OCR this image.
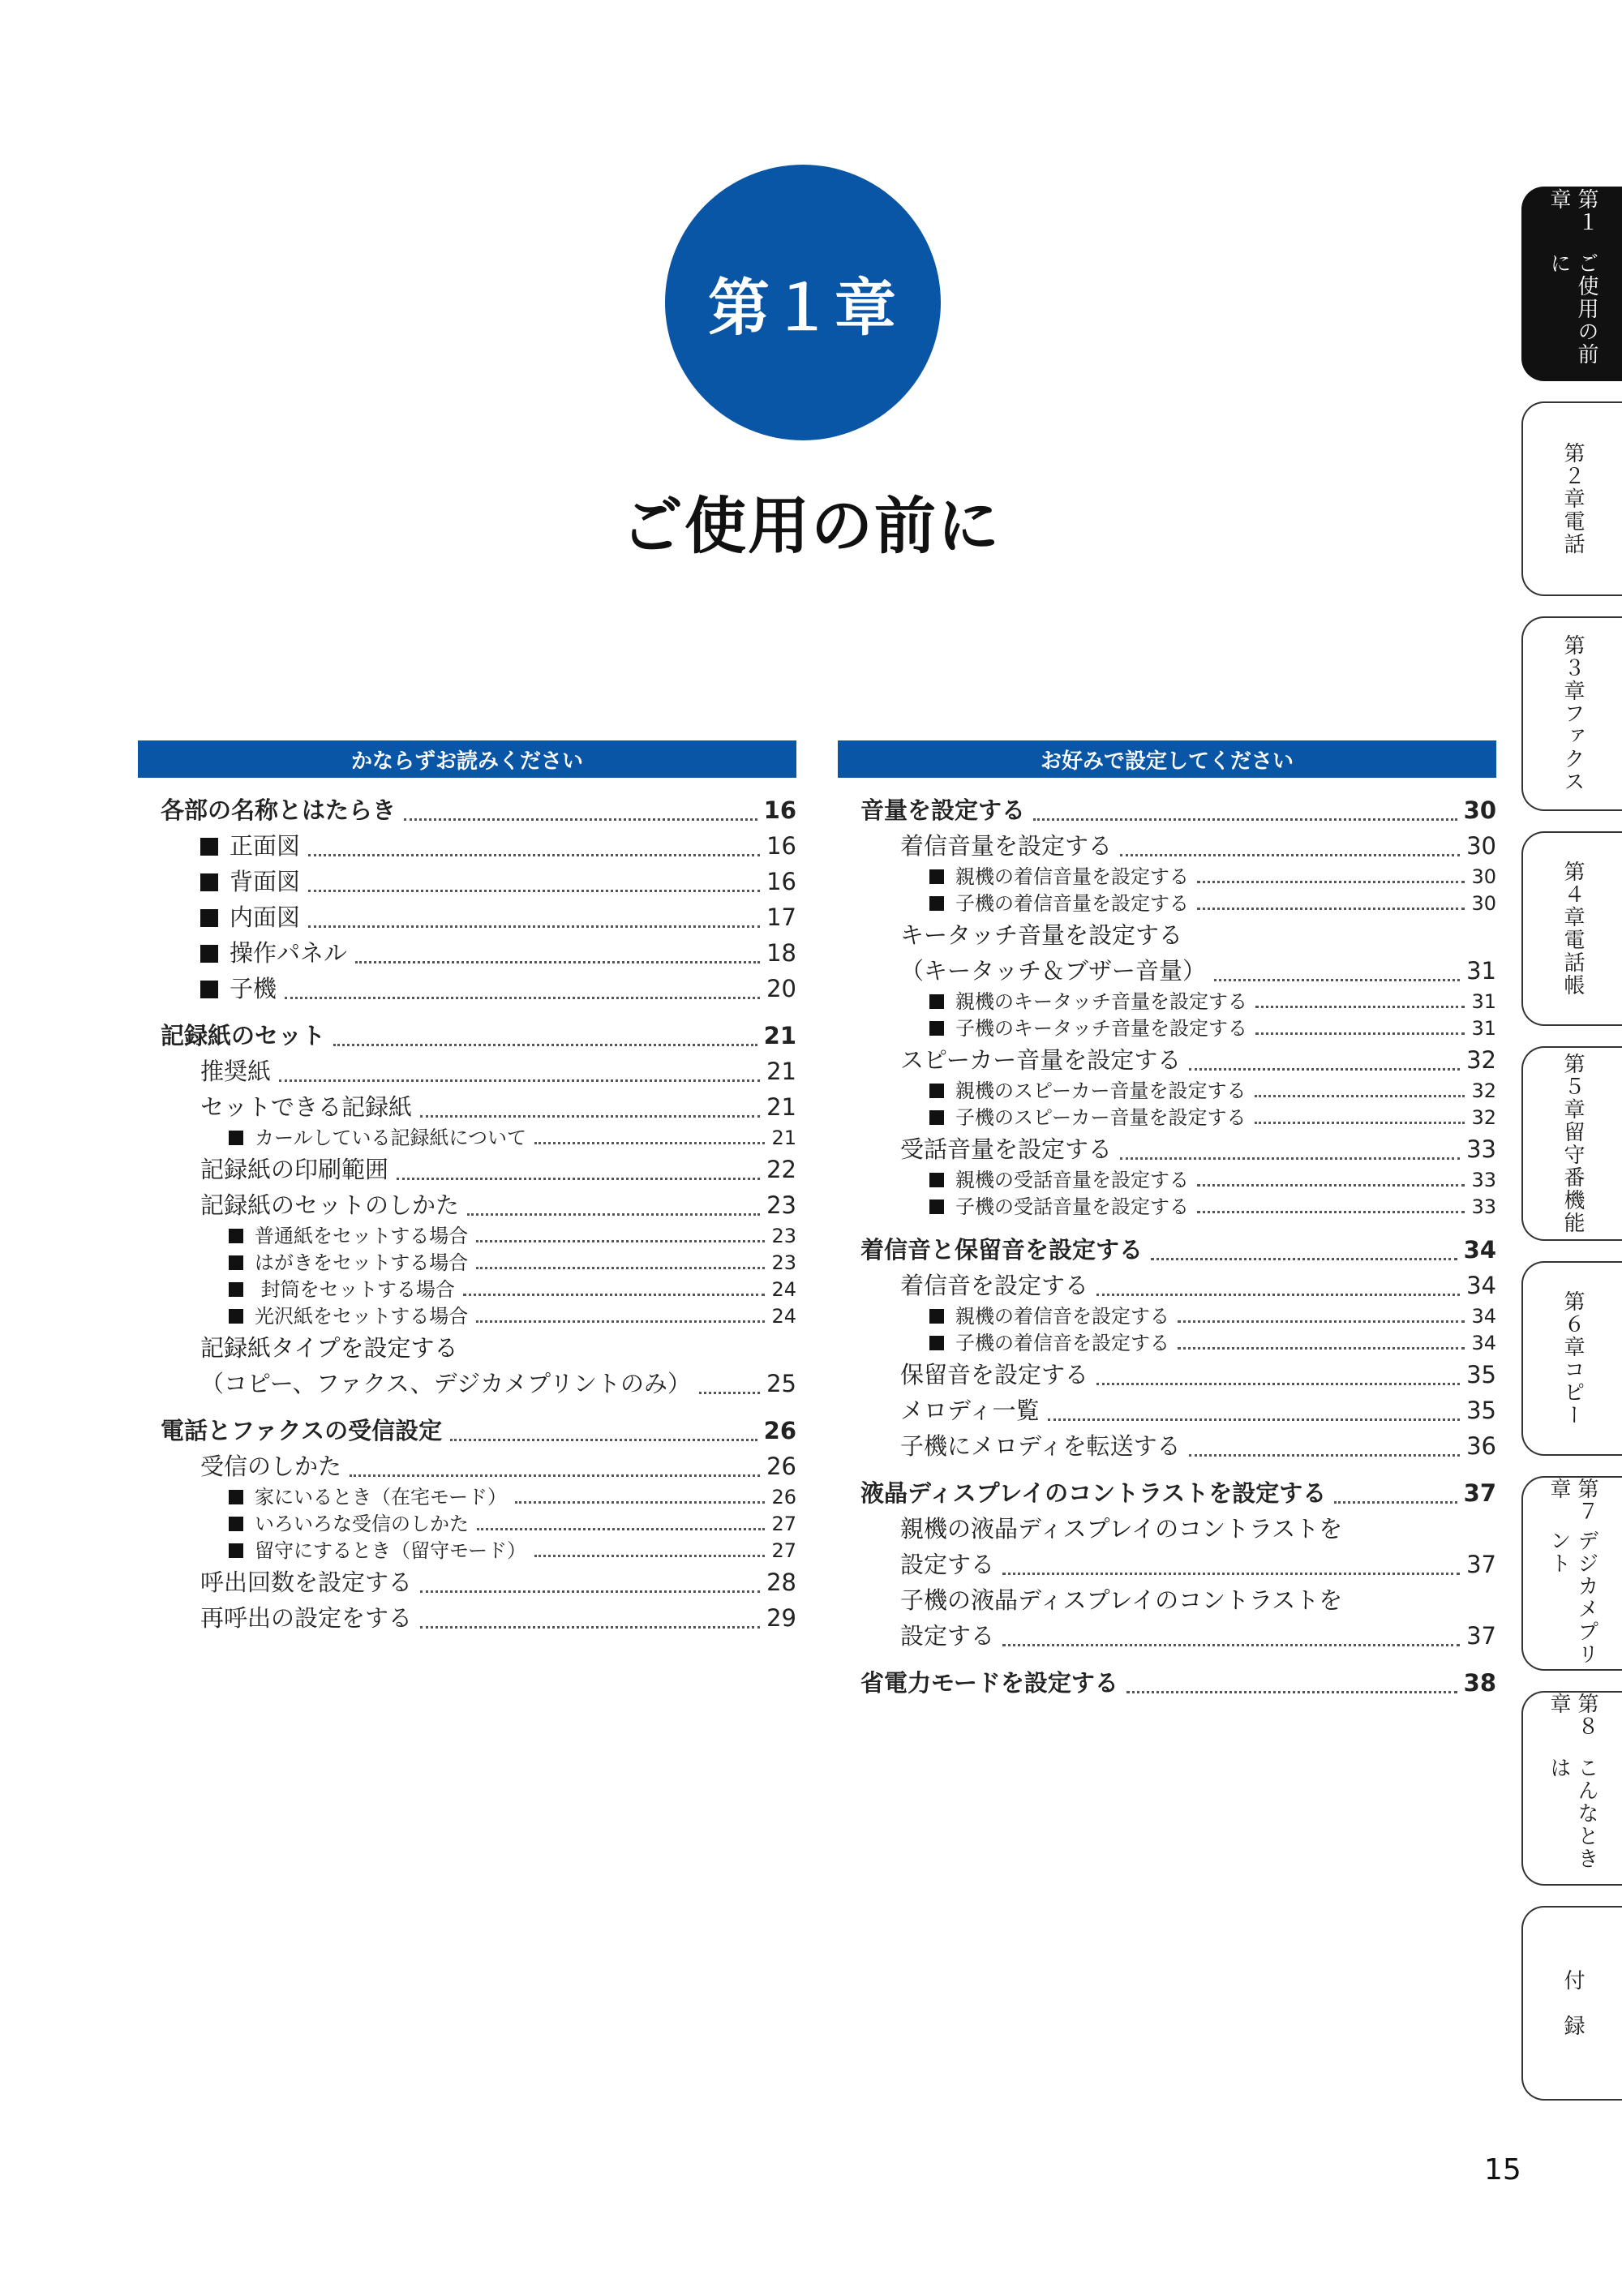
第１章
ご使用の前に
かならずお読みください
各部の名称とはたらき	16
正面図	16
背面図	16
内面図	17
操作パネル	18
子機	20
記録紙のセット	21
推奨紙	21
セットできる記録紙	21
カールしている記録紙について	21
記録紙の印刷範囲	22
記録紙のセットのしかた	23
普通紙をセットする場合	23
はがきをセットする場合	23
封筒をセットする場合	24
光沢紙をセットする場合	24
記録紙タイプを設定する
（コピー、ファクス、デジカメプリントのみ）	25
電話とファクスの受信設定	26
受信のしかた	26
家にいるとき（在宅モード）	26
いろいろな受信のしかた	27
留守にするとき（留守モード）	27
呼出回数を設定する	28
再呼出の設定をする	29
お好みで設定してください
音量を設定する	30
着信音量を設定する	30
親機の着信音量を設定する	30
子機の着信音量を設定する	30
キータッチ音量を設定する
（キータッチ＆ブザー音量）	31
親機のキータッチ音量を設定する	31
子機のキータッチ音量を設定する	31
スピーカー音量を設定する	32
親機のスピーカー音量を設定する	32
子機のスピーカー音量を設定する	32
受話音量を設定する	33
親機の受話音量を設定する	33
子機の受話音量を設定する	33
着信音と保留音を設定する	34
着信音を設定する	34
親機の着信音を設定する	34
子機の着信音を設定する	34
保留音を設定する	35
メロディ一覧	35
子機にメロディを転送する	36
液晶ディスプレイのコントラストを設定する	37
親機の液晶ディスプレイのコントラストを
設定する	37
子機の液晶ディスプレイのコントラストを
設定する	37
省電力モードを設定する	38
第１章
ご使用の前に
第２章
電話
第３章
ファクス
第４章
電話帳
第５章
留守番機能
第６章
コピー
第７章
デジカメプリント
第８章
こんなときは
付　録
15
